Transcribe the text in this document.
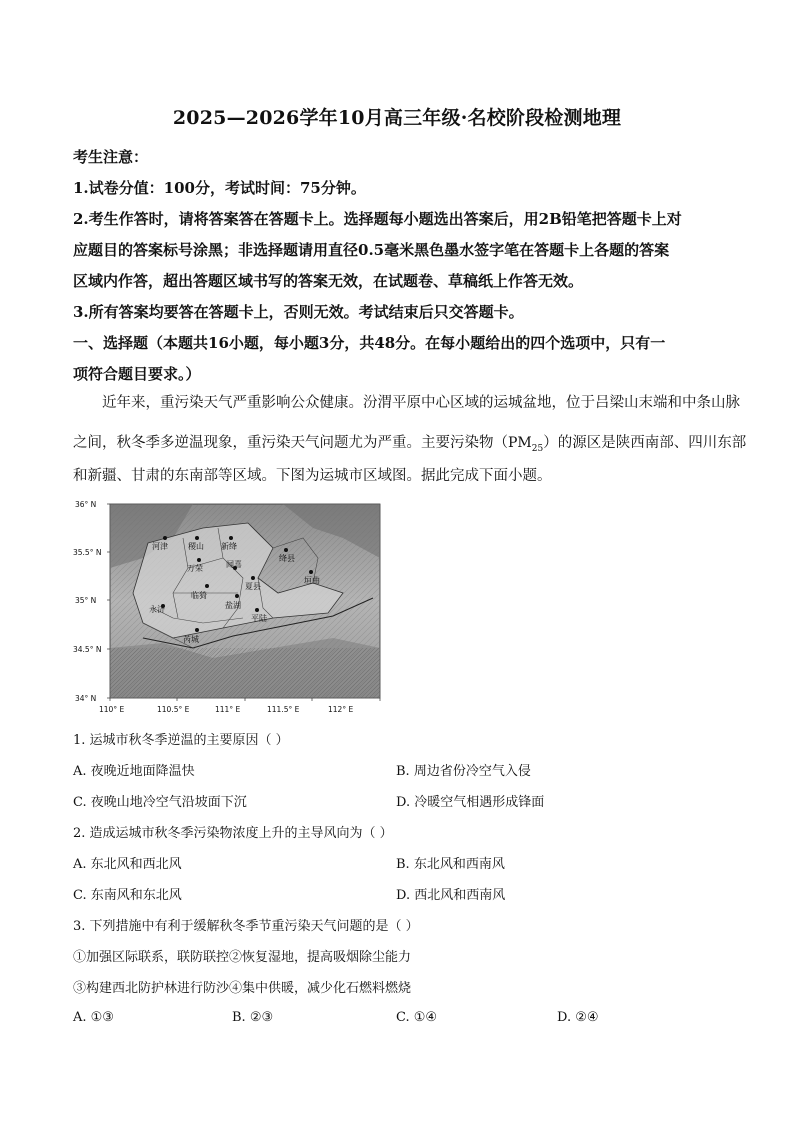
2025—2026学年10月高三年级·名校阶段检测地理
考生注意：
1.试卷分值：100分，考试时间：75分钟。
2.考生作答时，请将答案答在答题卡上。选择题每小题选出答案后，用2B铅笔把答题卡上对
应题目的答案标号涂黑；非选择题请用直径0.5毫米黑色墨水签字笔在答题卡上各题的答案
区域内作答，超出答题区域书写的答案无效，在试题卷、草稿纸上作答无效。
3.所有答案均要答在答题卡上，否则无效。考试结束后只交答题卡。
一、选择题（本题共16小题，每小题3分，共48分。在每小题给出的四个选项中，只有一
项符合题目要求。）
近年来，重污染天气严重影响公众健康。汾渭平原中心区域的运城盆地，位于吕梁山末端和中条山脉
之间，秋冬季多逆温现象，重污染天气问题尤为严重。主要污染物$(PM_{25})$的源区是陕西南部、四川东部
和新疆、甘肃的东南部等区域。下图为运城市区域图。据此完成下面小题。
河津	稷山 新绛
绛县
垣曲
万荣	闻喜
临猗
夏县
盐湖
永济
平陆
芮城
36° N
35.5° N
35° N
34.5° N
34° N
110° E	110.5° E	111° E	111.5° E	112° E
1. 运城市秋冬季逆温的主要原因（ ）
A. 夜晚近地面降温快	B. 周边省份冷空气入侵
C. 夜晚山地冷空气沿坡面下沉	D. 冷暖空气相遇形成锋面
2. 造成运城市秋冬季污染物浓度上升的主导风向为（ ）
A. 东北风和西北风	B. 东北风和西南风
C. 东南风和东北风	D. 西北风和西南风
3. 下列措施中有利于缓解秋冬季节重污染天气问题的是（ ）
①加强区际联系，联防联控②恢复湿地，提高吸烟除尘能力
③构建西北防护林进行防沙④集中供暖，减少化石燃料燃烧
A. ①③	B. ②③	C. ①④	D. ②④
